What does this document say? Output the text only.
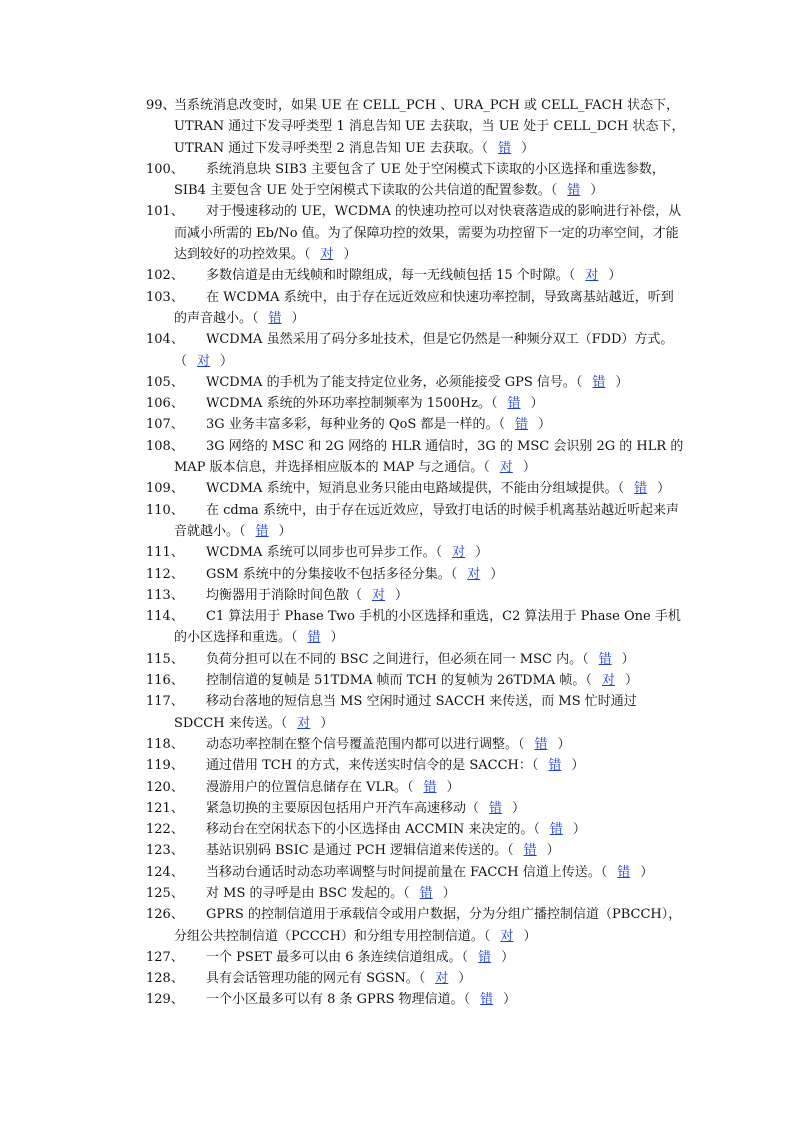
99、
当系统消息改变时，如果 UE 在 CELL_PCH 、URA_PCH 或 CELL_FACH 状态下，UTRAN 通过下发寻呼类型 1 消息告知 UE 去获取，当 UE 处于 CELL_DCH 状态下，UTRAN 通过下发寻呼类型 2 消息告知 UE 去获取。（ 错 ）
100、	系统消息块 SIB3 主要包含了 UE 处于空闲模式下读取的小区选择和重选参数，SIB4 主要包含 UE 处于空闲模式下读取的公共信道的配置参数。（ 错 ）
101、	对于慢速移动的 UE，WCDMA 的快速功控可以对快衰落造成的影响进行补偿，从而减小所需的 Eb/No 值。为了保障功控的效果，需要为功控留下一定的功率空间，才能达到较好的功控效果。（ 对 ）
102、	多数信道是由无线帧和时隙组成，每一无线帧包括 15 个时隙。（ 对 ）
103、	在 WCDMA 系统中，由于存在远近效应和快速功率控制，导致离基站越近，听到的声音越小。（ 错 ）
104、	WCDMA 虽然采用了码分多址技术，但是它仍然是一种频分双工（FDD）方式。（ 对 ）
105、	WCDMA 的手机为了能支持定位业务，必须能接受 GPS 信号。（ 错 ）
106、	WCDMA 系统的外环功率控制频率为 1500Hz。（ 错 ）
107、	3G 业务丰富多彩，每种业务的 QoS 都是一样的。（ 错 ）
108、	3G 网络的 MSC 和 2G 网络的 HLR 通信时，3G 的 MSC 会识别 2G 的 HLR 的 MAP 版本信息，并选择相应版本的 MAP 与之通信。（ 对 ）
109、	WCDMA 系统中，短消息业务只能由电路域提供，不能由分组域提供。（ 错 ）
110、	在 cdma 系统中，由于存在远近效应，导致打电话的时候手机离基站越近听起来声音就越小。（ 错 ）
111、	WCDMA 系统可以同步也可异步工作。（ 对 ）
112、	GSM 系统中的分集接收不包括多径分集。（ 对 ）
113、	均衡器用于消除时间色散（ 对 ）
114、	C1 算法用于 Phase Two 手机的小区选择和重选，C2 算法用于 Phase One 手机的小区选择和重选。（ 错 ）
115、	负荷分担可以在不同的 BSC 之间进行，但必须在同一 MSC 内。（ 错 ）
116、	控制信道的复帧是 51TDMA 帧而 TCH 的复帧为 26TDMA 帧。（ 对 ）
117、	移动台落地的短信息当 MS 空闲时通过 SACCH 来传送，而 MS 忙时通过 SDCCH 来传送。（ 对 ）
118、	动态功率控制在整个信号覆盖范围内都可以进行调整。（ 错 ）
119、	通过借用 TCH 的方式，来传送实时信令的是 SACCH：（ 错 ）
120、	漫游用户的位置信息储存在 VLR。（ 错 ）
121、	紧急切换的主要原因包括用户开汽车高速移动（ 错 ）
122、	移动台在空闲状态下的小区选择由 ACCMIN 来决定的。（ 错 ）
123、	基站识别码 BSIC 是通过 PCH 逻辑信道来传送的。（ 错 ）
124、	当移动台通话时动态功率调整与时间提前量在 FACCH 信道上传送。（ 错 ）
125、	对 MS 的寻呼是由 BSC 发起的。（ 错 ）
126、	GPRS 的控制信道用于承载信令或用户数据，分为分组广播控制信道（PBCCH），分组公共控制信道（PCCCH）和分组专用控制信道。（ 对 ）
127、	一个 PSET 最多可以由 6 条连续信道组成。（ 错 ）
128、	具有会话管理功能的网元有 SGSN。（ 对 ）
129、	一个小区最多可以有 8 条 GPRS 物理信道。（ 错 ）
